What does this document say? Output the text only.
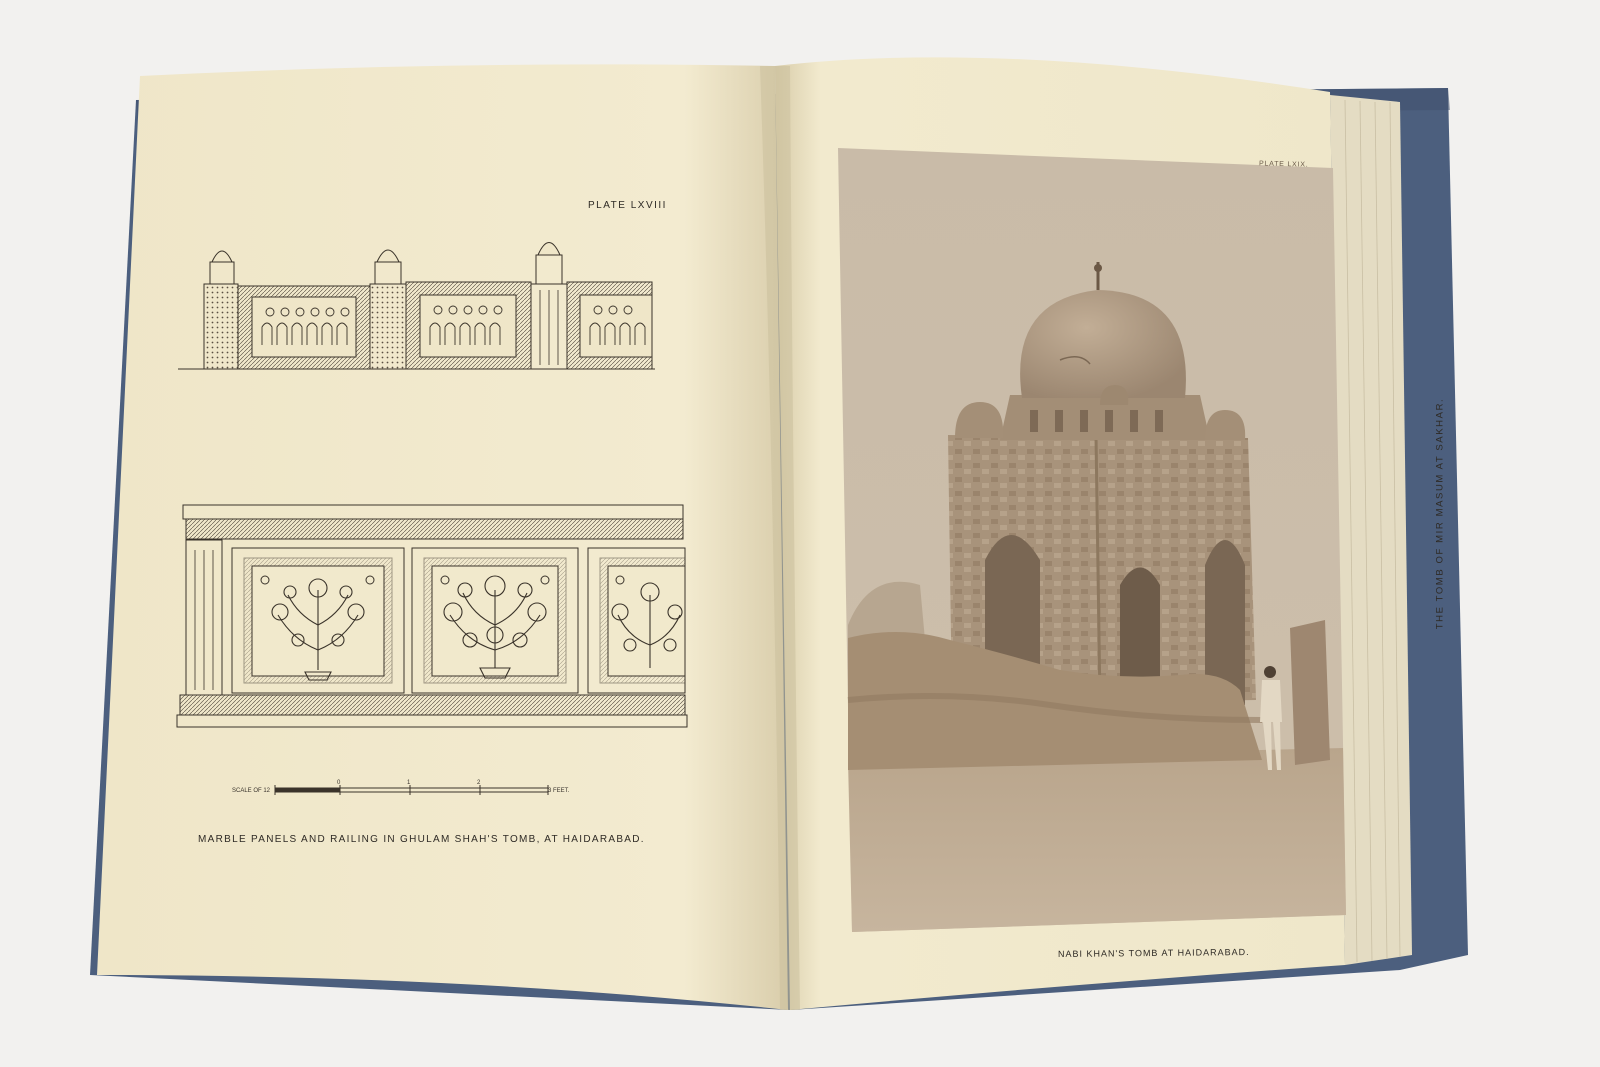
SCALE OF 12
0	1	2
3 FEET.
PLATE LXVIII
MARBLE PANELS AND RAILING IN GHULAM SHAH'S TOMB, AT HAIDARABAD.
PLATE LXIX.
NABI KHAN'S TOMB AT HAIDARABAD.
THE TOMB OF MIR MASUM AT SAKHAR.
